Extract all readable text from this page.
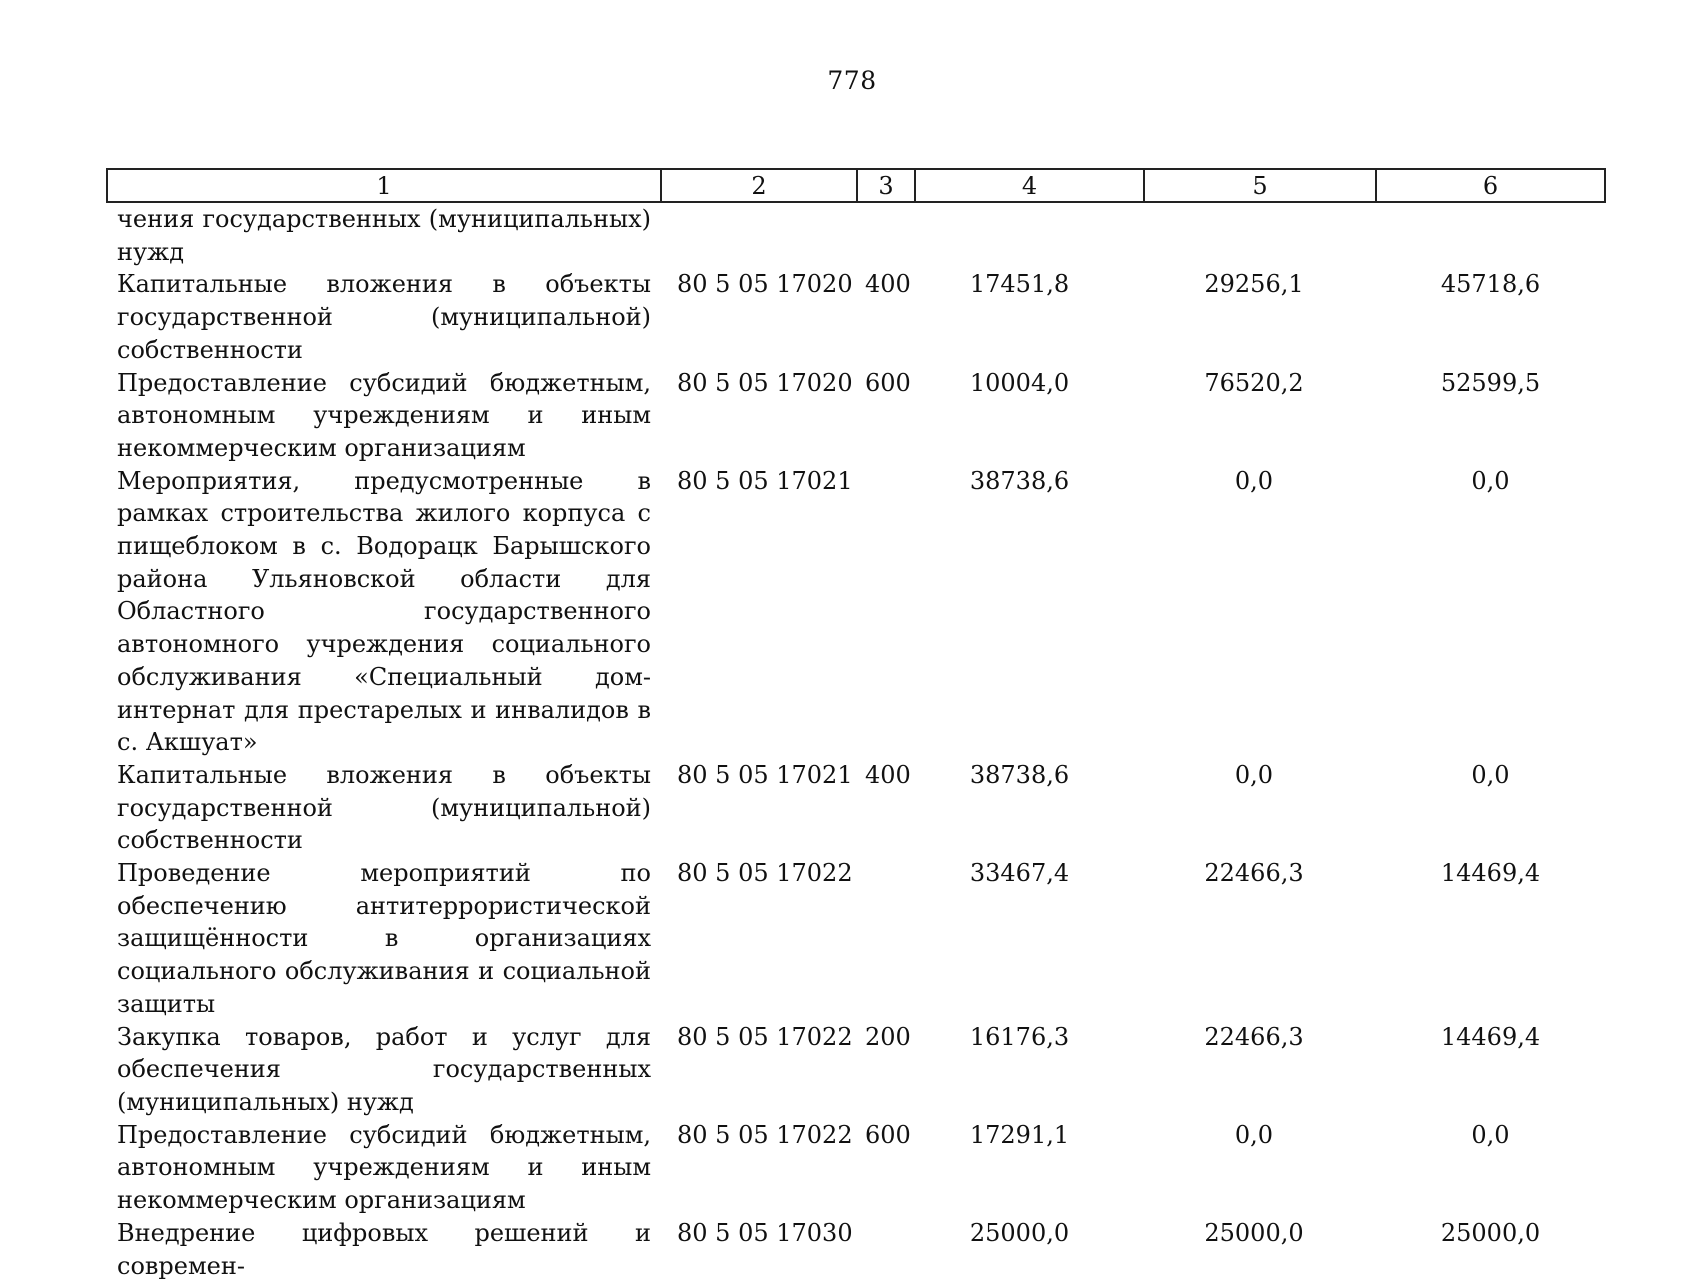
778
1	2	3	4	5	6
чения государственных (муниципальных) нужд					
Капитальные вложения в объекты государственной (муниципальной) собственности	80 5 05 17020	400	17451,8	29256,1	45718,6
Предоставление субсидий бюджетным, автономным учреждениям и иным некоммерческим организациям	80 5 05 17020	600	10004,0	76520,2	52599,5
Мероприятия, предусмотренные в рамках строительства жилого корпуса с пищеблоком в с. Водорацк Барышского района Ульяновской области для Областного государственного автономного учреждения социального обслуживания «Специальный дом-интернат для престарелых и инвалидов в с. Акшуат»	80 5 05 17021		38738,6	0,0	0,0
Капитальные вложения в объекты государственной (муниципальной) собственности	80 5 05 17021	400	38738,6	0,0	0,0
Проведение мероприятий по обеспечению антитеррористической защищённости в организациях социального обслуживания и социальной защиты	80 5 05 17022		33467,4	22466,3	14469,4
Закупка товаров, работ и услуг для обеспечения государственных (муниципальных) нужд	80 5 05 17022	200	16176,3	22466,3	14469,4
Предоставление субсидий бюджетным, автономным учреждениям и иным некоммерческим организациям	80 5 05 17022	600	17291,1	0,0	0,0
Внедрение цифровых решений и современ-	80 5 05 17030		25000,0	25000,0	25000,0
